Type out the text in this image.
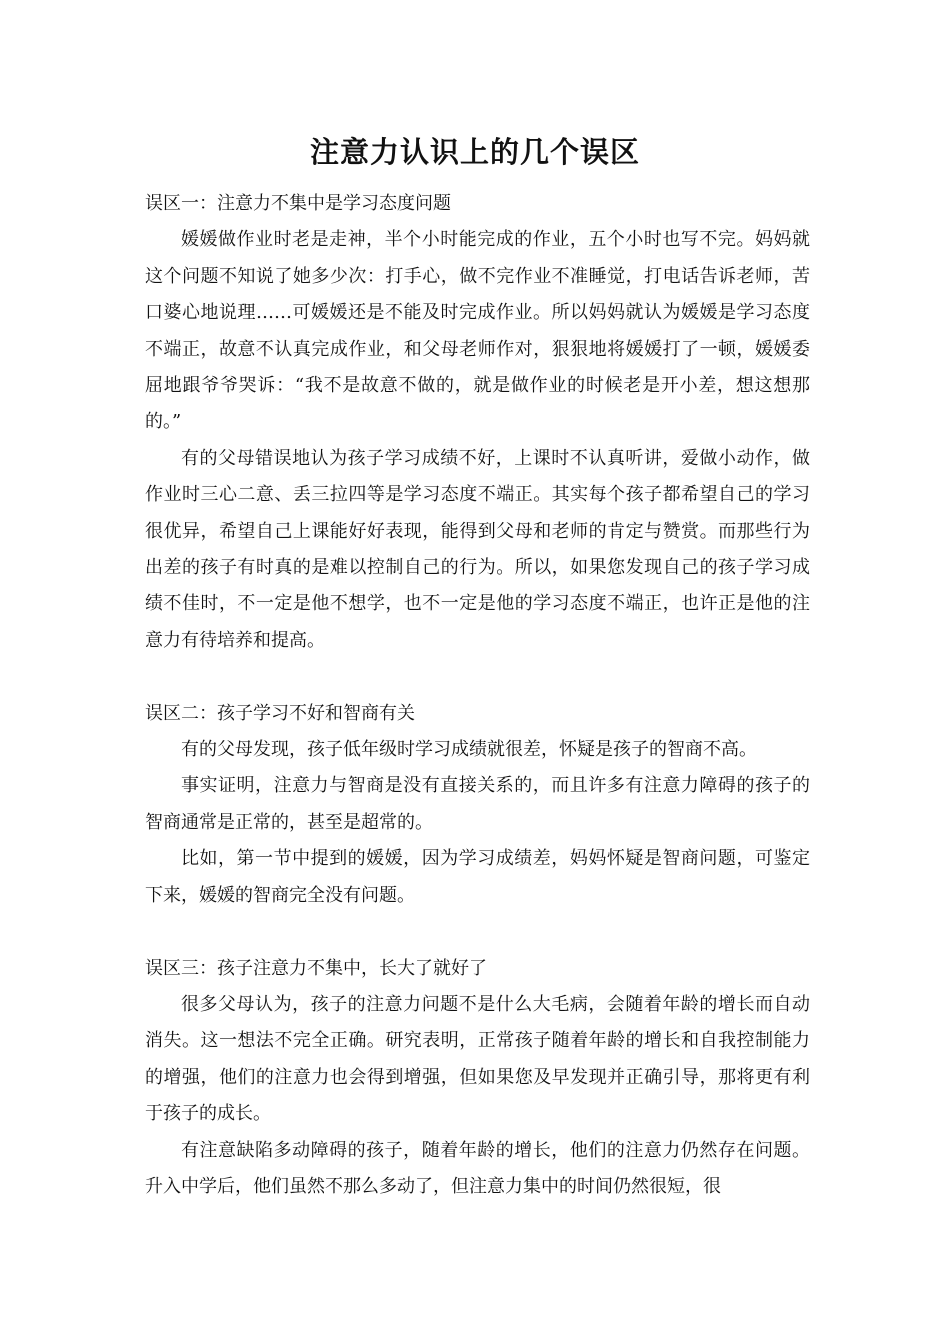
注意力认识上的几个误区

误区一：注意力不集中是学习态度问题

媛媛做作业时老是走神，半个小时能完成的作业，五个小时也写不完。妈妈就这个问题不知说了她多少次：打手心，做不完作业不准睡觉，打电话告诉老师，苦口婆心地说理……可媛媛还是不能及时完成作业。所以妈妈就认为媛媛是学习态度不端正，故意不认真完成作业，和父母老师作对，狠狠地将媛媛打了一顿，媛媛委屈地跟爷爷哭诉：“我不是故意不做的，就是做作业的时候老是开小差，想这想那的。”

有的父母错误地认为孩子学习成绩不好，上课时不认真听讲，爱做小动作，做作业时三心二意、丢三拉四等是学习态度不端正。其实每个孩子都希望自己的学习很优异，希望自己上课能好好表现，能得到父母和老师的肯定与赞赏。而那些行为出差的孩子有时真的是难以控制自己的行为。所以，如果您发现自己的孩子学习成绩不佳时，不一定是他不想学，也不一定是他的学习态度不端正，也许正是他的注意力有待培养和提高。

误区二：孩子学习不好和智商有关

有的父母发现，孩子低年级时学习成绩就很差，怀疑是孩子的智商不高。

事实证明，注意力与智商是没有直接关系的，而且许多有注意力障碍的孩子的智商通常是正常的，甚至是超常的。

比如，第一节中提到的媛媛，因为学习成绩差，妈妈怀疑是智商问题，可鉴定下来，媛媛的智商完全没有问题。

误区三：孩子注意力不集中，长大了就好了

很多父母认为，孩子的注意力问题不是什么大毛病，会随着年龄的增长而自动消失。这一想法不完全正确。研究表明，正常孩子随着年龄的增长和自我控制能力的增强，他们的注意力也会得到增强，但如果您及早发现并正确引导，那将更有利于孩子的成长。

有注意缺陷多动障碍的孩子，随着年龄的增长，他们的注意力仍然存在问题。升入中学后，他们虽然不那么多动了，但注意力集中的时间仍然很短，很
